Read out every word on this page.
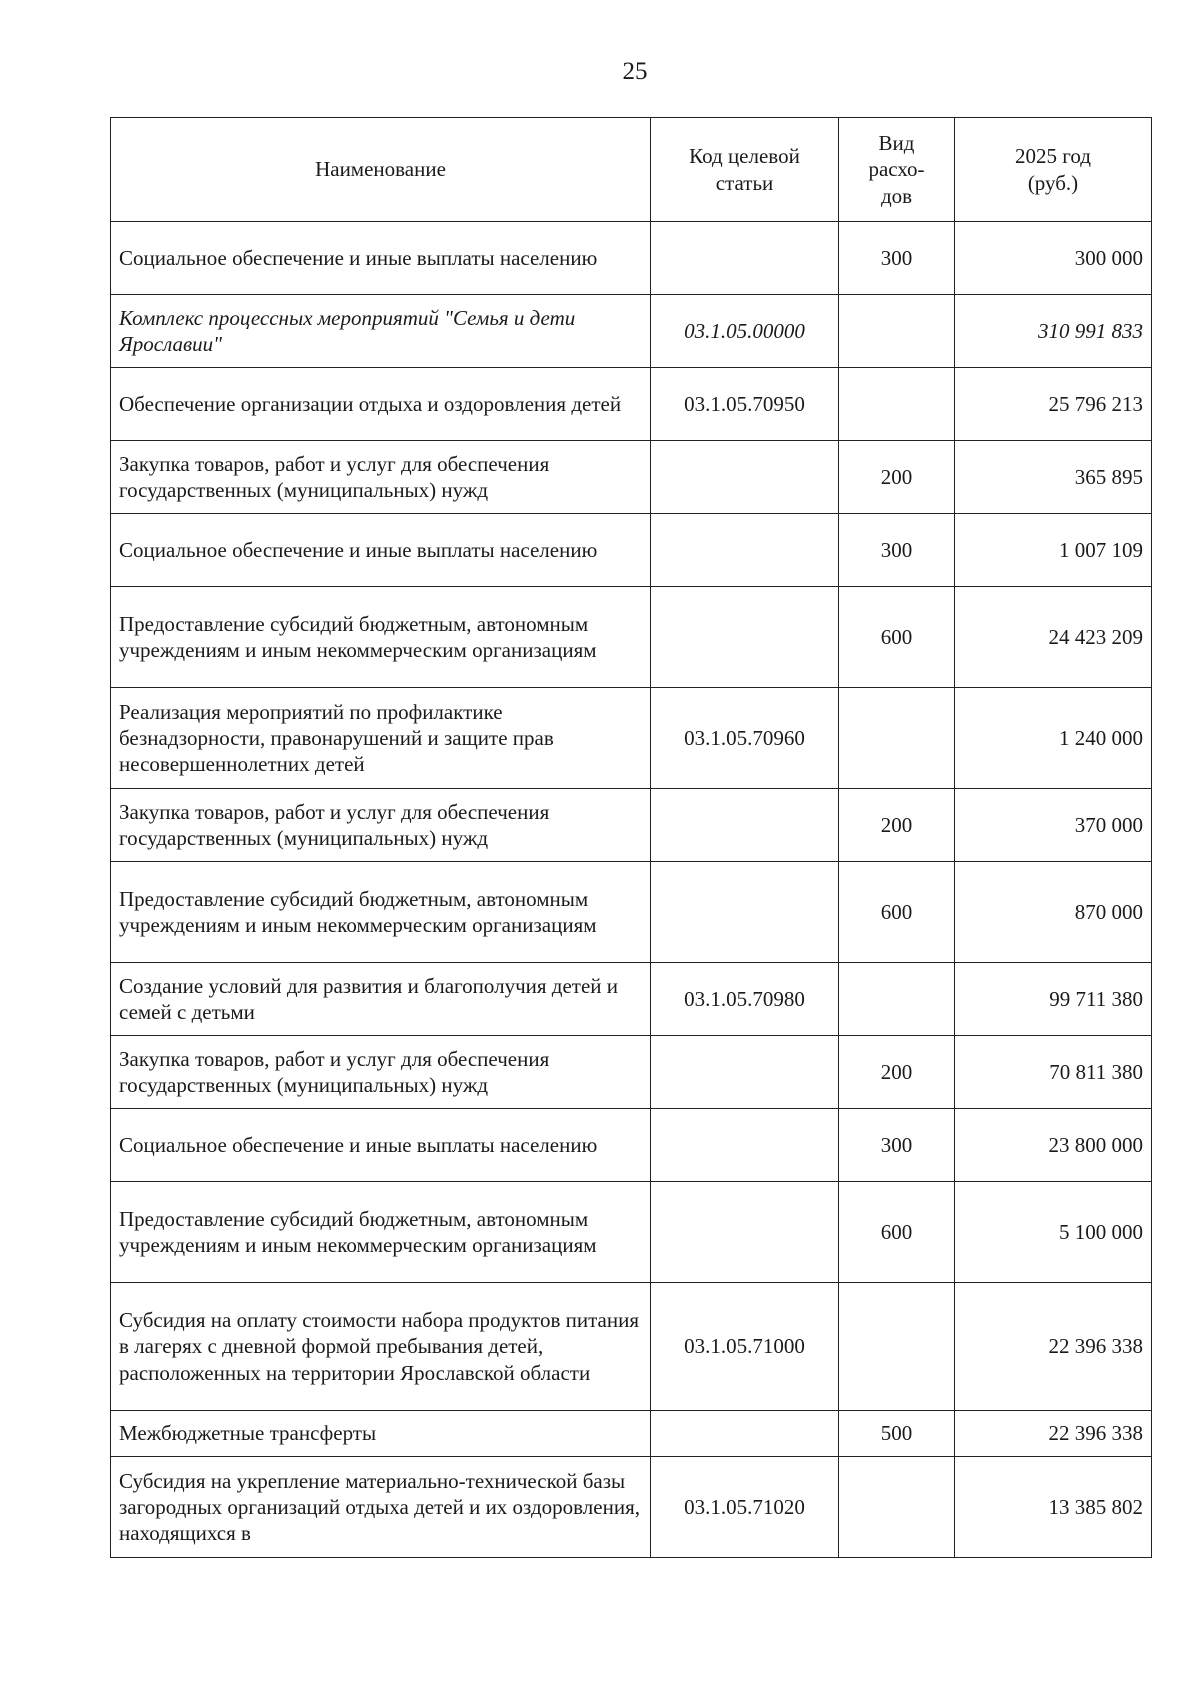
25
Наименование	Код целевой статьи	Вид расхо-дов	2025 год (руб.)
Социальное обеспечение и иные выплаты населению		300	300 000
Комплекс процессных мероприятий "Семья и дети Ярославии"	03.1.05.00000		310 991 833
Обеспечение организации отдыха и оздоровления детей	03.1.05.70950		25 796 213
Закупка товаров, работ и услуг для обеспечения государственных (муниципальных) нужд		200	365 895
Социальное обеспечение и иные выплаты населению		300	1 007 109
Предоставление субсидий бюджетным, автономным учреждениям и иным некоммерческим организациям		600	24 423 209
Реализация мероприятий по профилактике безнадзорности, правонарушений и защите прав несовершеннолетних детей	03.1.05.70960		1 240 000
Закупка товаров, работ и услуг для обеспечения государственных (муниципальных) нужд		200	370 000
Предоставление субсидий бюджетным, автономным учреждениям и иным некоммерческим организациям		600	870 000
Создание условий для развития и благополучия детей и семей с детьми	03.1.05.70980		99 711 380
Закупка товаров, работ и услуг для обеспечения государственных (муниципальных) нужд		200	70 811 380
Социальное обеспечение и иные выплаты населению		300	23 800 000
Предоставление субсидий бюджетным, автономным учреждениям и иным некоммерческим организациям		600	5 100 000
Субсидия на оплату стоимости набора продуктов питания в лагерях с дневной формой пребывания детей, расположенных на территории Ярославской области	03.1.05.71000		22 396 338
Межбюджетные трансферты		500	22 396 338
Субсидия на укрепление материально-технической базы загородных организаций отдыха детей и их оздоровления, находящихся в	03.1.05.71020		13 385 802
